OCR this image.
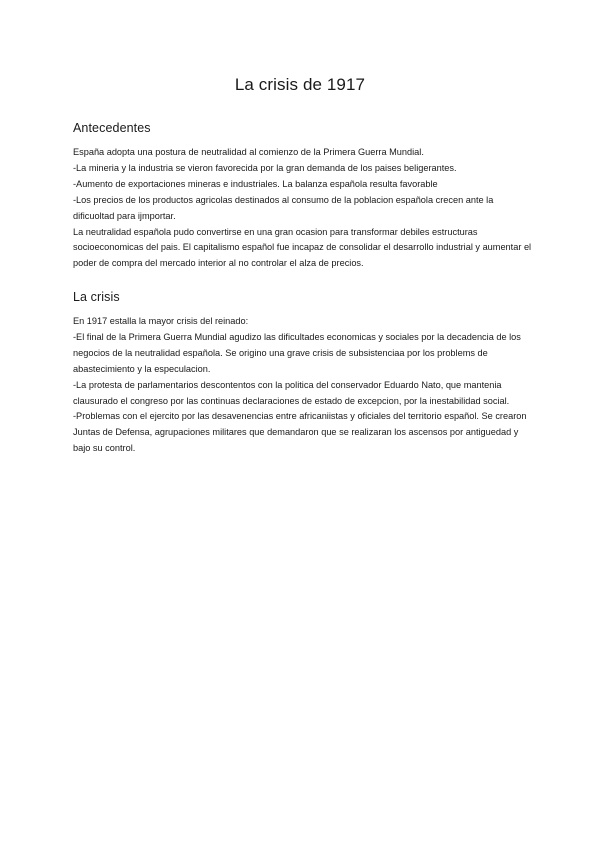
La crisis de 1917
Antecedentes

España adopta una postura de neutralidad al comienzo de la Primera Guerra Mundial.

-La mineria y la industria se vieron favorecida por la gran demanda de los paises beligerantes.

-Aumento de exportaciones mineras e industriales. La balanza española resulta favorable

-Los precios de los productos agricolas destinados al consumo de la poblacion española crecen ante la dificuoltad para ijmportar.

La neutralidad española pudo convertirse en una gran ocasion para transformar debiles estructuras socioeconomicas del pais. El capitalismo español fue incapaz de consolidar el desarrollo industrial y aumentar el poder de compra del mercado interior al no controlar el alza de precios.

La crisis

En 1917 estalla la mayor crisis del reinado:

-El final de la Primera Guerra Mundial agudizo las dificultades economicas y sociales por la decadencia de los negocios de la neutralidad española. Se origino una grave crisis de subsistenciaa por los problems de abastecimiento y la especulacion.

-La protesta de parlamentarios descontentos con la politica del conservador Eduardo Nato, que mantenia clausurado el congreso por las continuas declaraciones de estado de excepcion, por la inestabilidad social.

-Problemas con el ejercito por las desavenencias entre africaniistas y oficiales del territorio español. Se crearon Juntas de Defensa, agrupaciones militares que demandaron que se realizaran los ascensos por antiguedad y bajo su control.
